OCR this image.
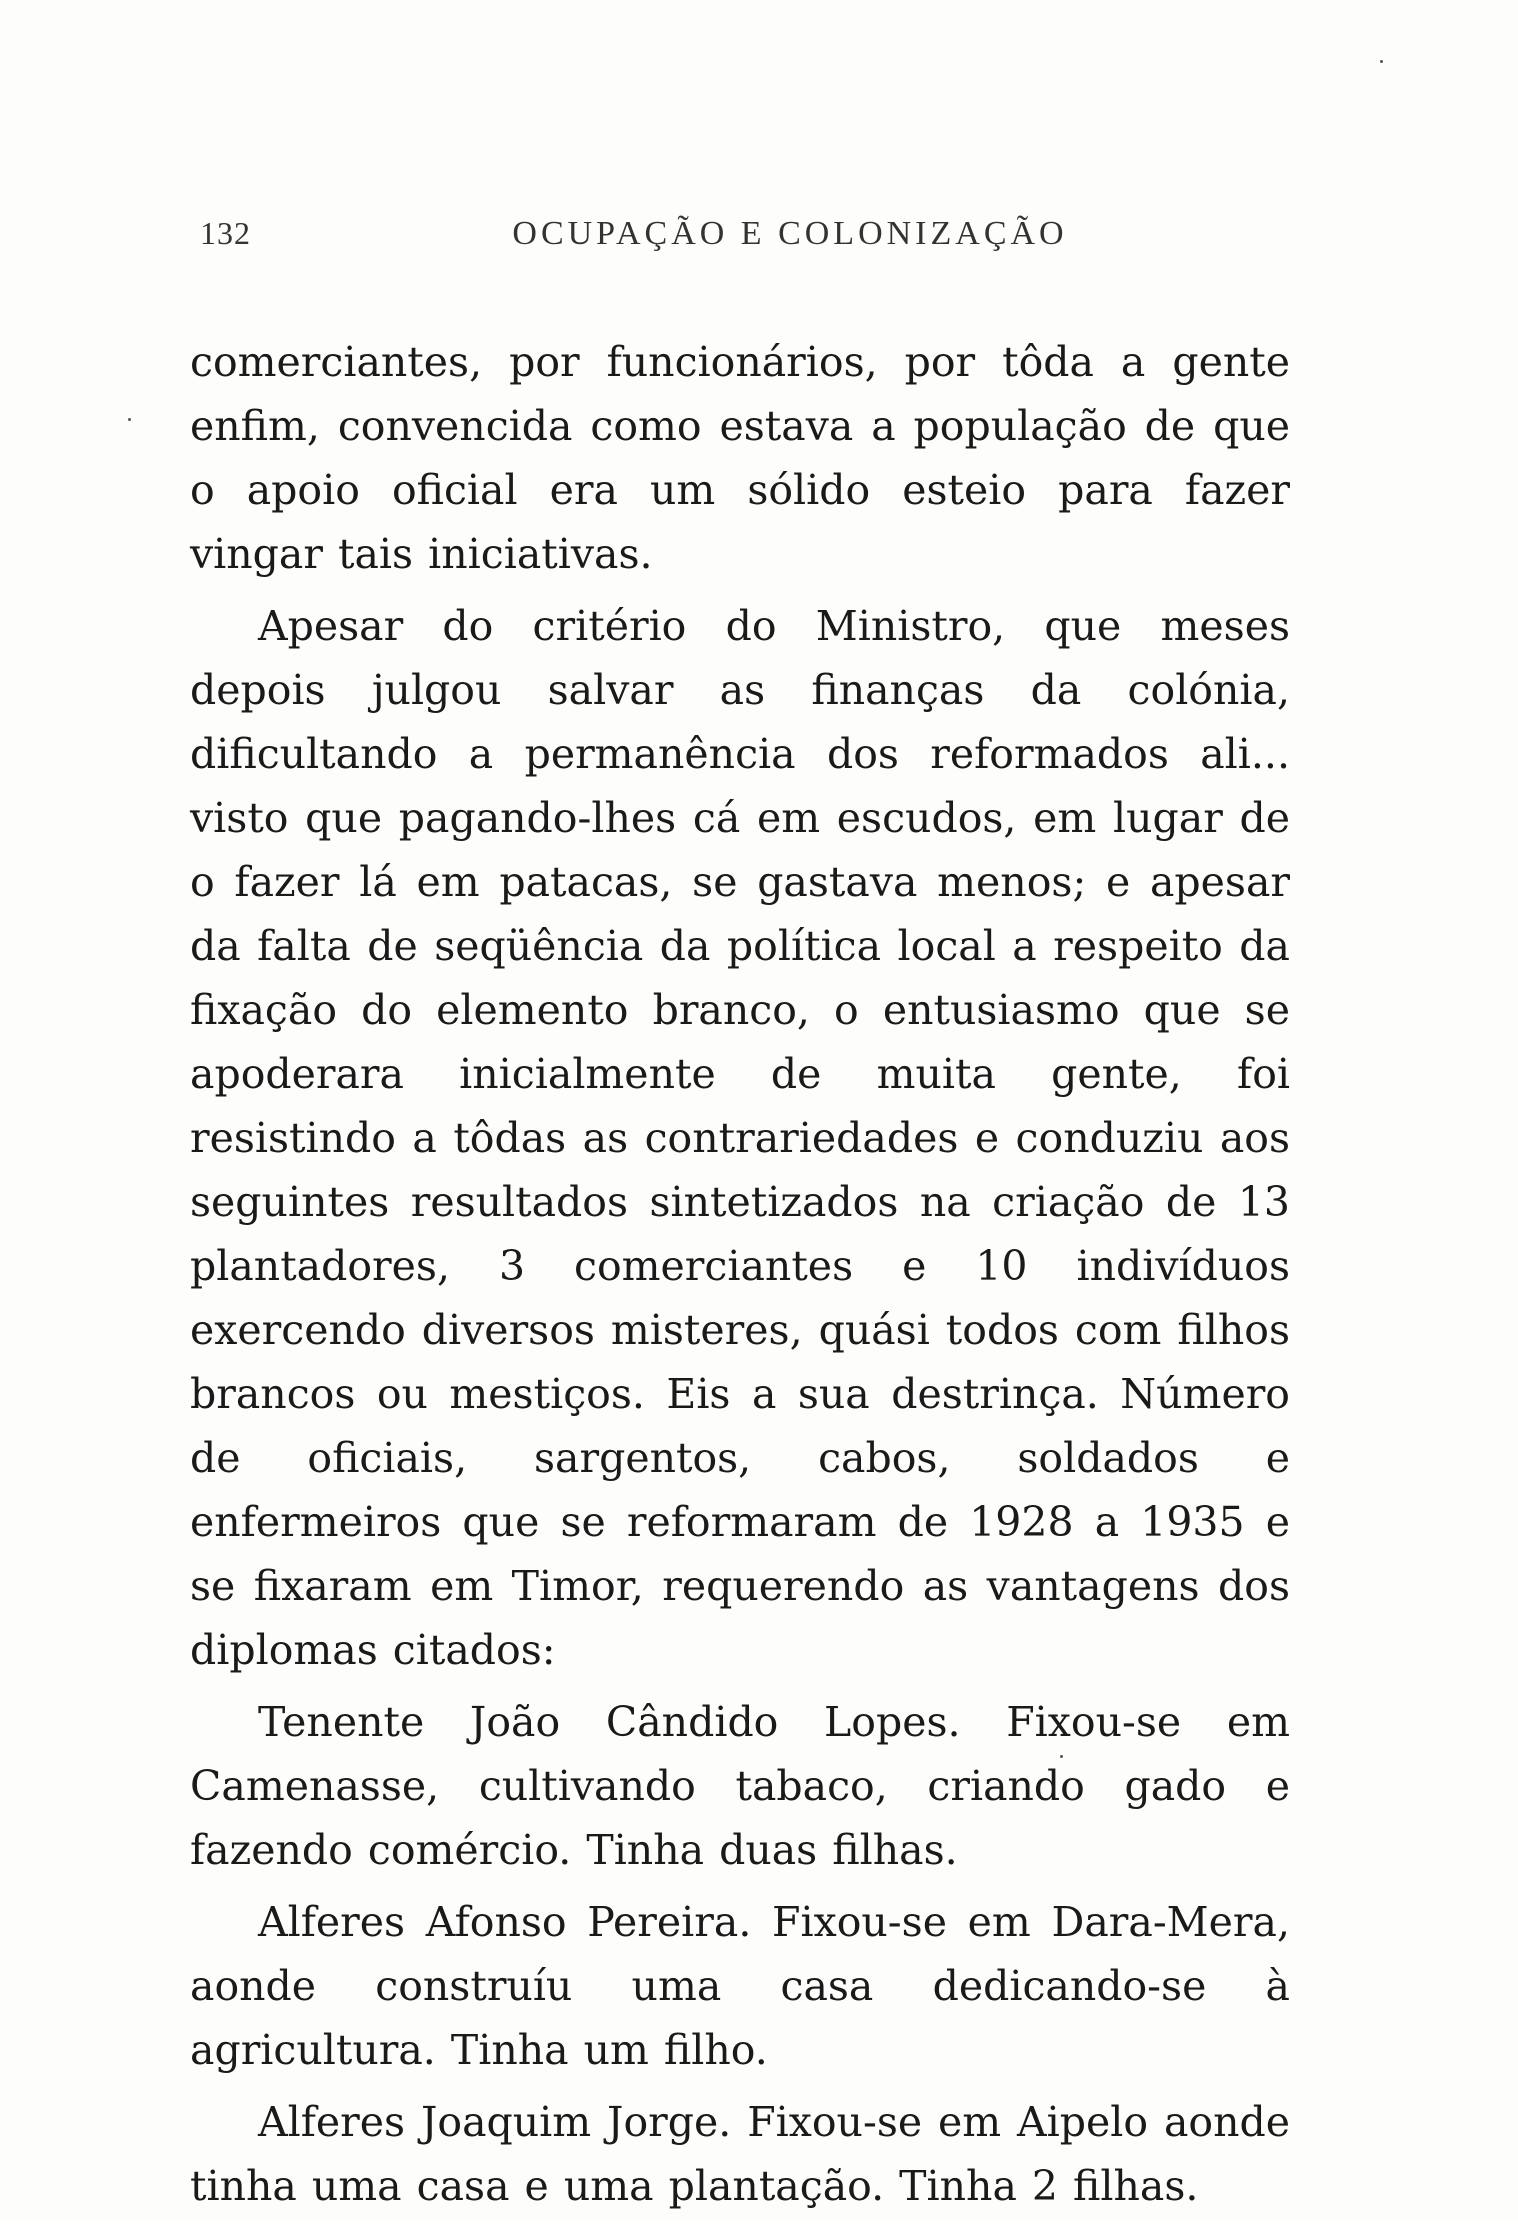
132	OCUPAÇÃO E COLONIZAÇÃO

comerciantes, por funcionários, por tôda a gente enfim, convencida como estava a população de que o apoio oficial era um sólido esteio para fazer vingar tais iniciativas.

Apesar do critério do Ministro, que meses depois julgou salvar as finanças da colónia, dificultando a permanência dos reformados ali... visto que pagando-lhes cá em escudos, em lugar de o fazer lá em patacas, se gastava menos; e apesar da falta de seqüência da política local a respeito da fixação do elemento branco, o entusiasmo que se apoderara inicialmente de muita gente, foi resistindo a tôdas as contrariedades e conduziu aos seguintes resultados sintetizados na criação de 13 plantadores, 3 comerciantes e 10 indivíduos exercendo diversos misteres, quási todos com filhos brancos ou mestiços. Eis a sua destrinça. Número de oficiais, sargentos, cabos, soldados e enfermeiros que se reformaram de 1928 a 1935 e se fixaram em Timor, requerendo as vantagens dos diplomas citados:

Tenente João Cândido Lopes. Fixou-se em Camenasse, cultivando tabaco, criando gado e fazendo comércio. Tinha duas filhas.

Alferes Afonso Pereira. Fixou-se em Dara-Mera, aonde construíu uma casa dedicando-se à agricultura. Tinha um filho.

Alferes Joaquim Jorge. Fixou-se em Aipelo aonde tinha uma casa e uma plantação. Tinha 2 filhas.
